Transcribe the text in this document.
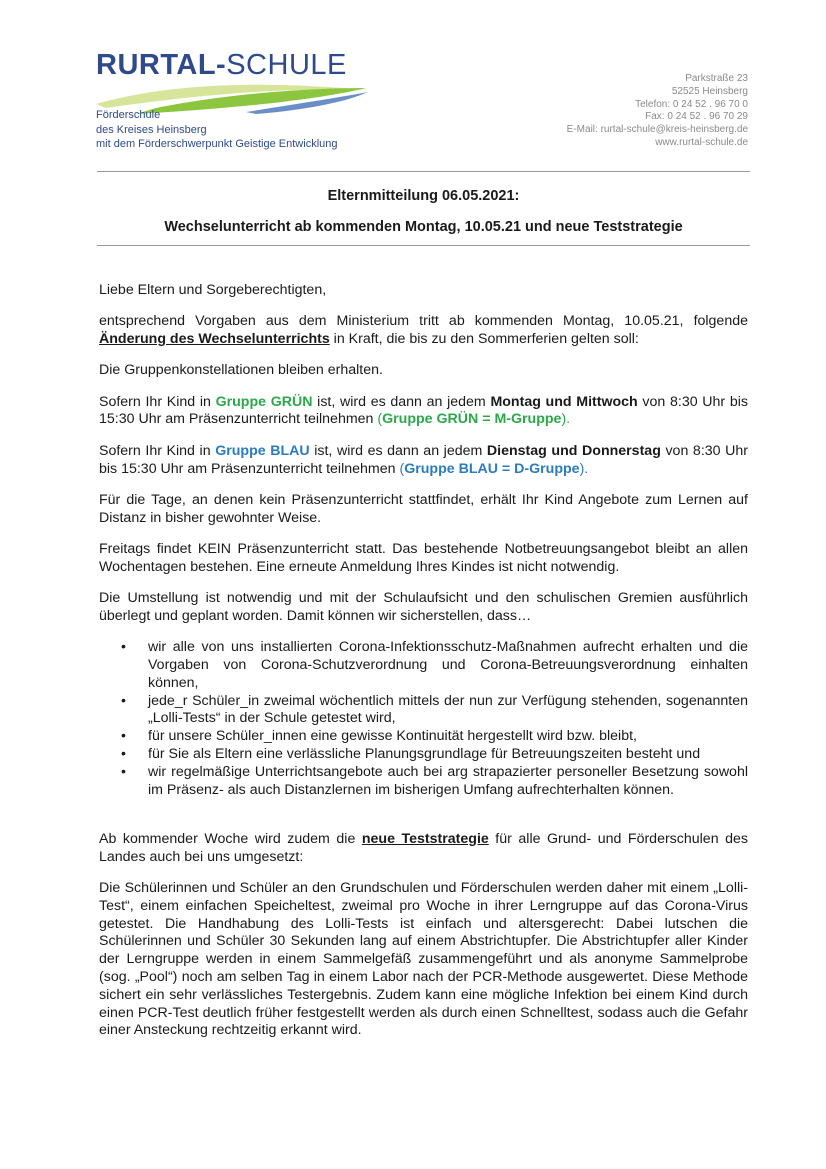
RURTAL-SCHULE
Förderschule
des Kreises Heinsberg
mit dem Förderschwerpunkt Geistige Entwicklung
Parkstraße 23
52525 Heinsberg
Telefon: 0 24 52 . 96 70 0
Fax: 0 24 52 . 96 70 29
E-Mail: rurtal-schule@kreis-heinsberg.de
www.rurtal-schule.de
Elternmitteilung 06.05.2021:
Wechselunterricht ab kommenden Montag, 10.05.21 und neue Teststrategie

Liebe Eltern und Sorgeberechtigten,

entsprechend Vorgaben aus dem Ministerium tritt ab kommenden Montag, 10.05.21, folgende Änderung des Wechselunterrichts in Kraft, die bis zu den Sommerferien gelten soll:

Die Gruppenkonstellationen bleiben erhalten.

Sofern Ihr Kind in Gruppe GRÜN ist, wird es dann an jedem Montag und Mittwoch von 8:30 Uhr bis 15:30 Uhr am Präsenzunterricht teilnehmen (Gruppe GRÜN = M-Gruppe).

Sofern Ihr Kind in Gruppe BLAU ist, wird es dann an jedem Dienstag und Donnerstag von 8:30 Uhr bis 15:30 Uhr am Präsenzunterricht teilnehmen (Gruppe BLAU = D-Gruppe).

Für die Tage, an denen kein Präsenzunterricht stattfindet, erhält Ihr Kind Angebote zum Lernen auf Distanz in bisher gewohnter Weise.

Freitags findet KEIN Präsenzunterricht statt. Das bestehende Notbetreuungsangebot bleibt an allen Wochentagen bestehen. Eine erneute Anmeldung Ihres Kindes ist nicht notwendig.

Die Umstellung ist notwendig und mit der Schulaufsicht und den schulischen Gremien ausführlich überlegt und geplant worden. Damit können wir sicherstellen, dass…

• wir alle von uns installierten Corona-Infektionsschutz-Maßnahmen aufrecht erhalten und die Vorgaben von Corona-Schutzverordnung und Corona-Betreuungsverordnung einhalten können,
• jede_r Schüler_in zweimal wöchentlich mittels der nun zur Verfügung stehenden, sogenannten „Lolli-Tests“ in der Schule getestet wird,
• für unsere Schüler_innen eine gewisse Kontinuität hergestellt wird bzw. bleibt,
• für Sie als Eltern eine verlässliche Planungsgrundlage für Betreuungszeiten besteht und
• wir regelmäßige Unterrichtsangebote auch bei arg strapazierter personeller Besetzung sowohl im Präsenz- als auch Distanzlernen im bisherigen Umfang aufrechterhalten können.

Ab kommender Woche wird zudem die neue Teststrategie für alle Grund- und Förderschulen des Landes auch bei uns umgesetzt:

Die Schülerinnen und Schüler an den Grundschulen und Förderschulen werden daher mit einem „Lolli-Test“, einem einfachen Speicheltest, zweimal pro Woche in ihrer Lerngruppe auf das Corona-Virus getestet. Die Handhabung des Lolli-Tests ist einfach und altersgerecht: Dabei lutschen die Schülerinnen und Schüler 30 Sekunden lang auf einem Abstrichtupfer. Die Abstrichtupfer aller Kinder der Lerngruppe werden in einem Sammelgefäß zusammengeführt und als anonyme Sammelprobe (sog. „Pool“) noch am selben Tag in einem Labor nach der PCR-Methode ausgewertet. Diese Methode sichert ein sehr verlässliches Testergebnis. Zudem kann eine mögliche Infektion bei einem Kind durch einen PCR-Test deutlich früher festgestellt werden als durch einen Schnelltest, sodass auch die Gefahr einer Ansteckung rechtzeitig erkannt wird.
